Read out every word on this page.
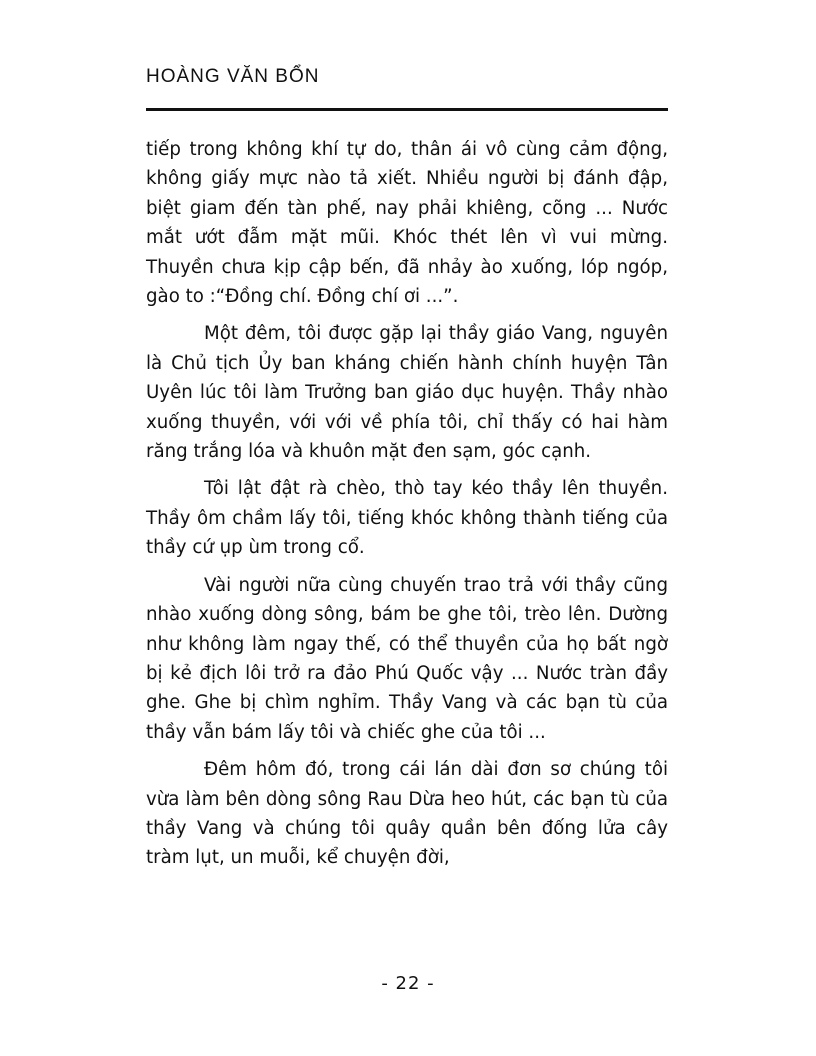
HOÀNG VĂN BỔN

tiếp trong không khí tự do, thân ái vô cùng cảm động, không giấy mực nào tả xiết. Nhiều người bị đánh đập, biệt giam đến tàn phế, nay phải khiêng, cõng ... Nước mắt ướt đẫm mặt mũi. Khóc thét lên vì vui mừng. Thuyền chưa kịp cập bến, đã nhảy ào xuống, lóp ngóp, gào to :“Đồng chí. Đồng chí ơi ...”.

Một đêm, tôi được gặp lại thầy giáo Vang, nguyên là Chủ tịch Ủy ban kháng chiến hành chính huyện Tân Uyên lúc tôi làm Trưởng ban giáo dục huyện. Thầy nhào xuống thuyền, với với về phía tôi, chỉ thấy có hai hàm răng trắng lóa và khuôn mặt đen sạm, góc cạnh.

Tôi lật đật rà chèo, thò tay kéo thầy lên thuyền. Thầy ôm chầm lấy tôi, tiếng khóc không thành tiếng của thầy cứ ụp ùm trong cổ.

Vài người nữa cùng chuyến trao trả với thầy cũng nhào xuống dòng sông, bám be ghe tôi, trèo lên. Dường như không làm ngay thế, có thể thuyền của họ bất ngờ bị kẻ địch lôi trở ra đảo Phú Quốc vậy ... Nước tràn đầy ghe. Ghe bị chìm nghỉm. Thầy Vang và các bạn tù của thầy vẫn bám lấy tôi và chiếc ghe của tôi ...

Đêm hôm đó, trong cái lán dài đơn sơ chúng tôi vừa làm bên dòng sông Rau Dừa heo hút, các bạn tù của thầy Vang và chúng tôi quây quần bên đống lửa cây tràm lụt, un muỗi, kể chuyện đời,

- 22 -
